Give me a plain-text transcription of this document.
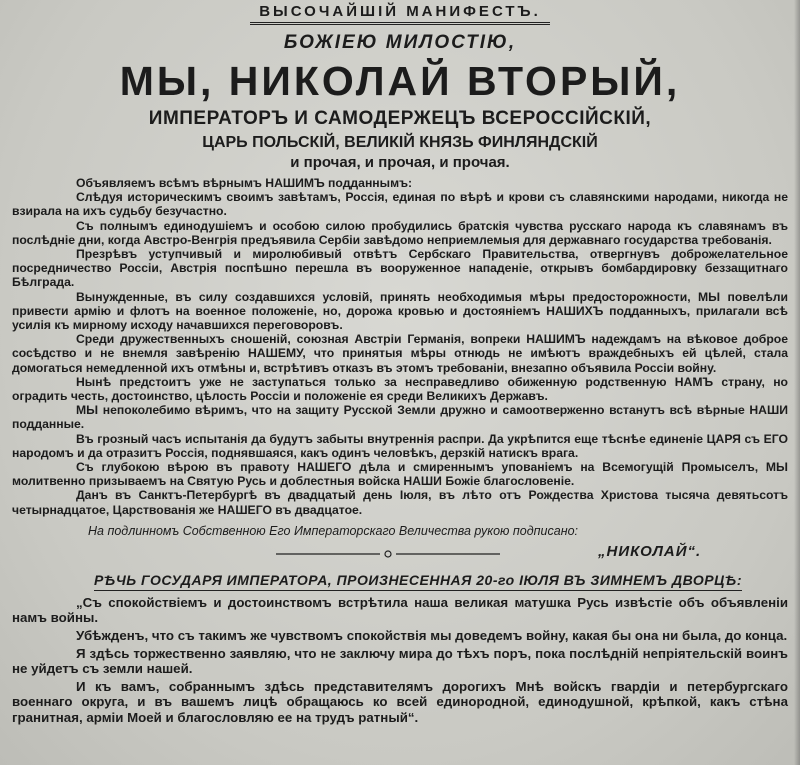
ВЫСОЧАЙШІЙ МАНИФЕСТЪ.
БОЖІЕЮ МИЛОСТІЮ,
МЫ, НИКОЛАЙ ВТОРЫЙ,
ИМПЕРАТОРЪ И САМОДЕРЖЕЦЪ ВСЕРОССІЙСКІЙ,
ЦАРЬ ПОЛЬСКІЙ, ВЕЛИКІЙ КНЯЗЬ ФИНЛЯНДСКІЙ
и прочая, и прочая, и прочая.

Объявляемъ всѣмъ вѣрнымъ НАШИМЪ подданнымъ:

Слѣдуя историческимъ своимъ завѣтамъ, Россія, единая по вѣрѣ и крови съ славянскими народами, никогда не взирала на ихъ судьбу безучастно.

Съ полнымъ единодушіемъ и особою силою пробудились братскія чувства русскаго народа къ славянамъ въ послѣдніе дни, когда Австро-Венгрія предъявила Сербіи завѣдомо неприемлемыя для державнаго государства требованія.

Презрѣвъ уступчивый и миролюбивый отвѣтъ Сербскаго Правительства, отвергнувъ доброжелательное посредничество Россіи, Австрія поспѣшно перешла въ вооруженное нападеніе, открывъ бомбардировку беззащитнаго Бѣлграда.

Вынужденные, въ силу создавшихся условій, принять необходимыя мѣры предосторожности, МЫ повелѣли привести армію и флотъ на военное положеніе, но, дорожа кровью и достояніемъ НАШИХЪ подданныхъ, прилагали всѣ усилія къ мирному исходу начавшихся переговоровъ.

Среди дружественныхъ сношеній, союзная Австріи Германія, вопреки НАШИМЪ надеждамъ на вѣковое доброе сосѣдство и не внемля завѣренію НАШЕМУ, что принятыя мѣры отнюдь не имѣютъ враждебныхъ ей цѣлей, стала домогаться немедленной ихъ отмѣны и, встрѣтивъ отказъ въ этомъ требованіи, внезапно объявила Россіи войну.

Нынѣ предстоитъ уже не заступаться только за несправедливо обиженную родственную НАМЪ страну, но оградить честь, достоинство, цѣлость Россіи и положеніе ея среди Великихъ Державъ.

МЫ непоколебимо вѣримъ, что на защиту Русской Земли дружно и самоотверженно встанутъ всѣ вѣрные НАШИ подданные.

Въ грозный часъ испытанія да будутъ забыты внутреннія распри. Да укрѣпится еще тѣснѣе единеніе ЦАРЯ съ ЕГО народомъ и да отразитъ Россія, поднявшаяся, какъ одинъ человѣкъ, дерзкій натискъ врага.

Съ глубокою вѣрою въ правоту НАШЕГО дѣла и смиреннымъ упованіемъ на Всемогущій Промыселъ, МЫ молитвенно призываемъ на Святую Русь и доблестныя войска НАШИ Божіе благословеніе.

Данъ въ Санктъ-Петербургѣ въ двадцатый день Іюля, въ лѣто отъ Рождества Христова тысяча девятьсотъ четырнадцатое, Царствованія же НАШЕГО въ двадцатое.

На подлинномъ Собственною Его Императорскаго Величества рукою подписано:
„НИКОЛАЙ“.
РѢЧЬ ГОСУДАРЯ ИМПЕРАТОРА, ПРОИЗНЕСЕННАЯ 20-го ІЮЛЯ ВЪ ЗИМНЕМЪ ДВОРЦѢ:

„Съ спокойствіемъ и достоинствомъ встрѣтила наша великая матушка Русь извѣстіе объ объявленіи намъ войны.

Убѣжденъ, что съ такимъ же чувствомъ спокойствія мы доведемъ войну, какая бы она ни была, до конца.

Я здѣсь торжественно заявляю, что не заключу мира до тѣхъ поръ, пока послѣдній непріятельскій воинъ не уйдетъ съ земли нашей.

И къ вамъ, собраннымъ здѣсь представителямъ дорогихъ Мнѣ войскъ гвардіи и петербургскаго военнаго округа, и въ вашемъ лицѣ обращаюсь ко всей единородной, единодушной, крѣпкой, какъ стѣна гранитная, арміи Моей и благословляю ее на трудъ ратный“.
